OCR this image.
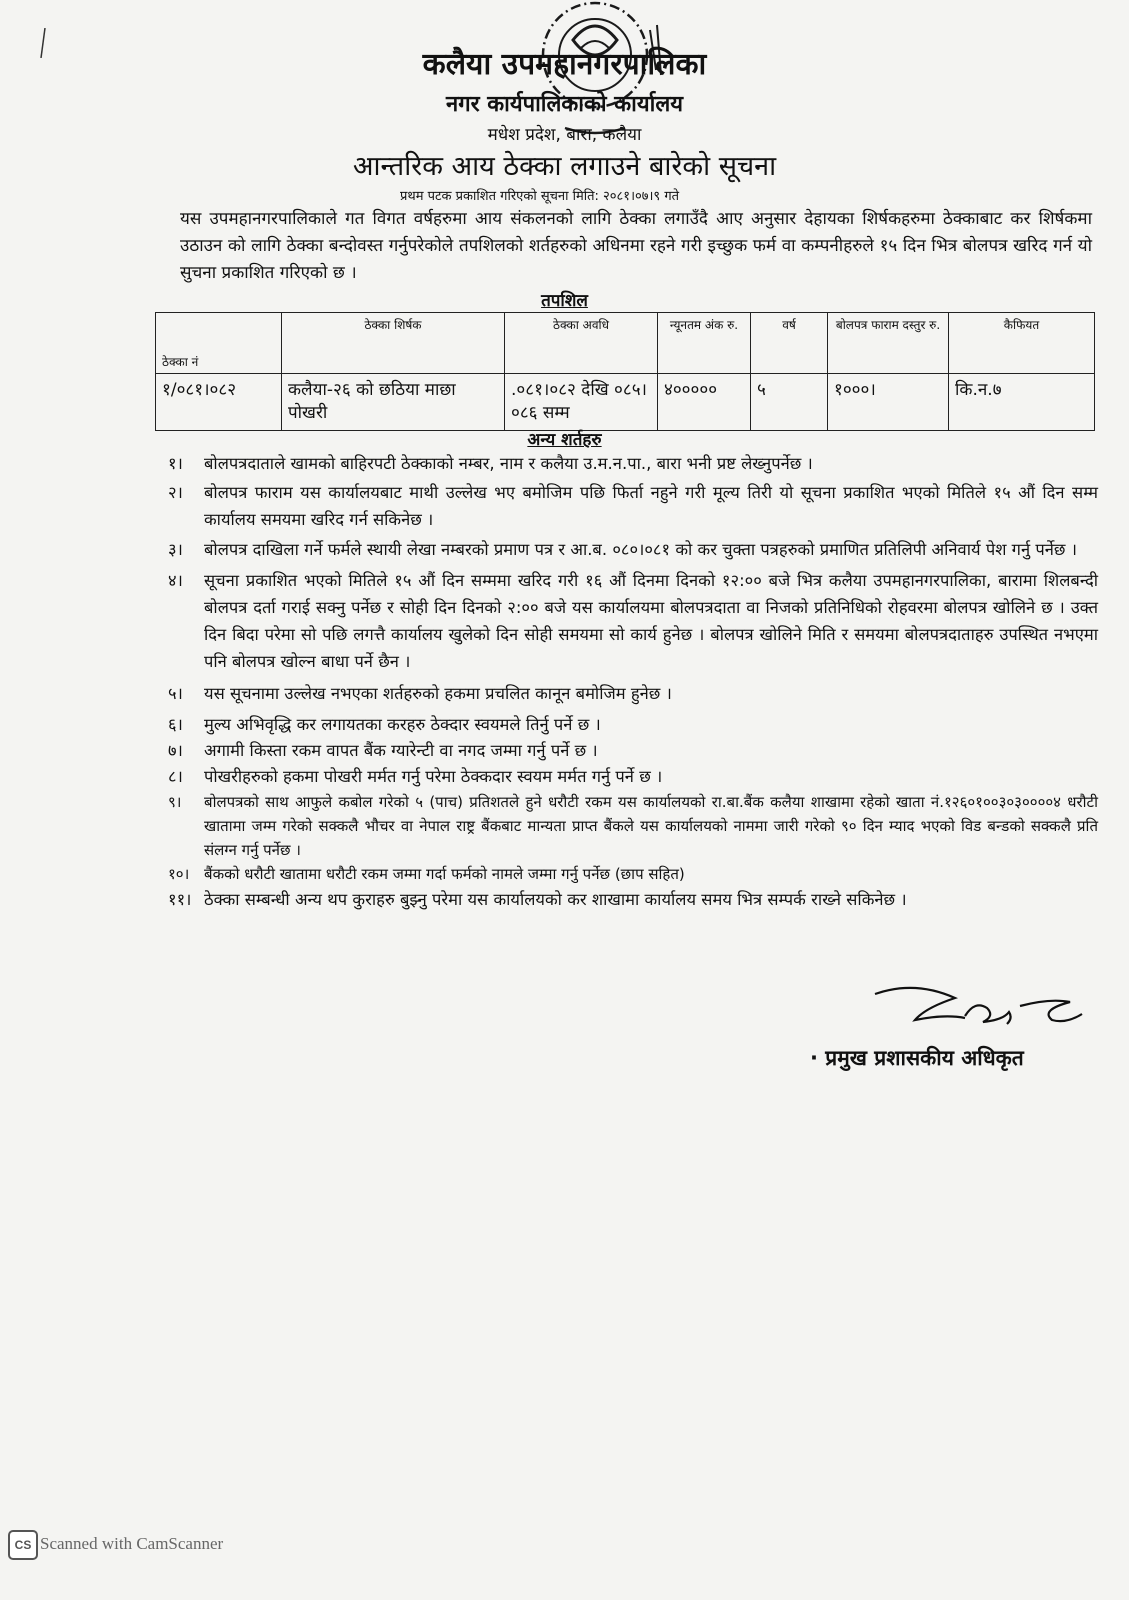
कलैया उपमहानगरपालिका
नगर कार्यपालिकाको कार्यालय
मधेश प्रदेश, बारा, कलैया
आन्तरिक आय ठेक्का लगाउने बारेको सूचना
प्रथम पटक प्रकाशित गरिएको सूचना मिति: २०८१।०७।९ गते

यस उपमहानगरपालिकाले गत विगत वर्षहरुमा आय संकलनको लागि ठेक्का लगाउँदै आए अनुसार देहायका शिर्षकहरुमा ठेक्काबाट कर शिर्षकमा उठाउन को लागि ठेक्का बन्दोवस्त गर्नुपरेकोले तपशिलको शर्तहरुको अधिनमा रहने गरी इच्छुक फर्म वा कम्पनीहरुले १५ दिन भित्र बोलपत्र खरिद गर्न यो सुचना प्रकाशित गरिएको छ ।

तपशिल
ठेक्का नं	ठेक्का शिर्षक	ठेक्का अवधि	न्यूनतम अंक रु.	वर्ष	बोलपत्र फाराम दस्तुर रु.	कैफियत
१/०८१।०८२	कलैया-२६ को छठिया माछा पोखरी	.०८१।०८२ देखि ०८५।०८६ सम्म	४०००००	५	१०००।	कि.न.७
अन्य शर्तहरु

१। बोलपत्रदाताले खामको बाहिरपटी ठेक्काको नम्बर, नाम र कलैया उ.म.न.पा., बारा भनी प्रष्ट लेख्नुपर्नेछ ।

२। बोलपत्र फाराम यस कार्यालयबाट माथी उल्लेख भए बमोजिम पछि फिर्ता नहुने गरी मूल्य तिरी यो सूचना प्रकाशित भएको मितिले १५ औं दिन सम्म कार्यालय समयमा खरिद गर्न सकिनेछ ।

३। बोलपत्र दाखिला गर्ने फर्मले स्थायी लेखा नम्बरको प्रमाण पत्र र आ.ब. ०८०।०८१ को कर चुक्ता पत्रहरुको प्रमाणित प्रतिलिपी अनिवार्य पेश गर्नु पर्नेछ ।

४। सूचना प्रकाशित भएको मितिले १५ औं दिन सम्ममा खरिद गरी १६ औं दिनमा दिनको १२:०० बजे भित्र कलैया उपमहानगरपालिका, बारामा शिलबन्दी बोलपत्र दर्ता गराई सक्नु पर्नेछ र सोही दिन दिनको २:०० बजे यस कार्यालयमा बोलपत्रदाता वा निजको प्रतिनिधिको रोहवरमा बोलपत्र खोलिने छ । उक्त दिन बिदा परेमा सो पछि लगत्तै कार्यालय खुलेको दिन सोही समयमा सो कार्य हुनेछ । बोलपत्र खोलिने मिति र समयमा बोलपत्रदाताहरु उपस्थित नभएमा पनि बोलपत्र खोल्न बाधा पर्ने छैन ।

५। यस सूचनामा उल्लेख नभएका शर्तहरुको हकमा प्रचलित कानून बमोजिम हुनेछ ।

६। मुल्य अभिवृद्धि कर लगायतका करहरु ठेक्दार स्वयमले तिर्नु पर्ने छ ।

७। अगामी किस्ता रकम वापत बैंक ग्यारेन्टी वा नगद जम्मा गर्नु पर्ने छ ।

८। पोखरीहरुको हकमा पोखरी मर्मत गर्नु परेमा ठेक्कदार स्वयम मर्मत गर्नु पर्ने छ ।

९। बोलपत्रको साथ आफुले कबोल गरेको ५ (पाच) प्रतिशतले हुने धरौटी रकम यस कार्यालयको रा.बा.बैंक कलैया शाखामा रहेको खाता नं.१२६०१००३०३००००४ धरौटी खातामा जम्म गरेको सक्कलै भौचर वा नेपाल राष्ट्र बैंकबाट मान्यता प्राप्त बैंकले यस कार्यालयको नाममा जारी गरेको ९० दिन म्याद भएको विड बन्डको सक्कलै प्रति संलग्न गर्नु पर्नेछ ।

१०। बैंकको धरौटी खातामा धरौटी रकम जम्मा गर्दा फर्मको नामले जम्मा गर्नु पर्नेछ (छाप सहित)

११। ठेक्का सम्बन्धी अन्य थप कुराहरु बुझ्नु परेमा यस कार्यालयको कर शाखामा कार्यालय समय भित्र सम्पर्क राख्ने सकिनेछ ।

· प्रमुख प्रशासकीय अधिकृत
CS Scanned with CamScanner
